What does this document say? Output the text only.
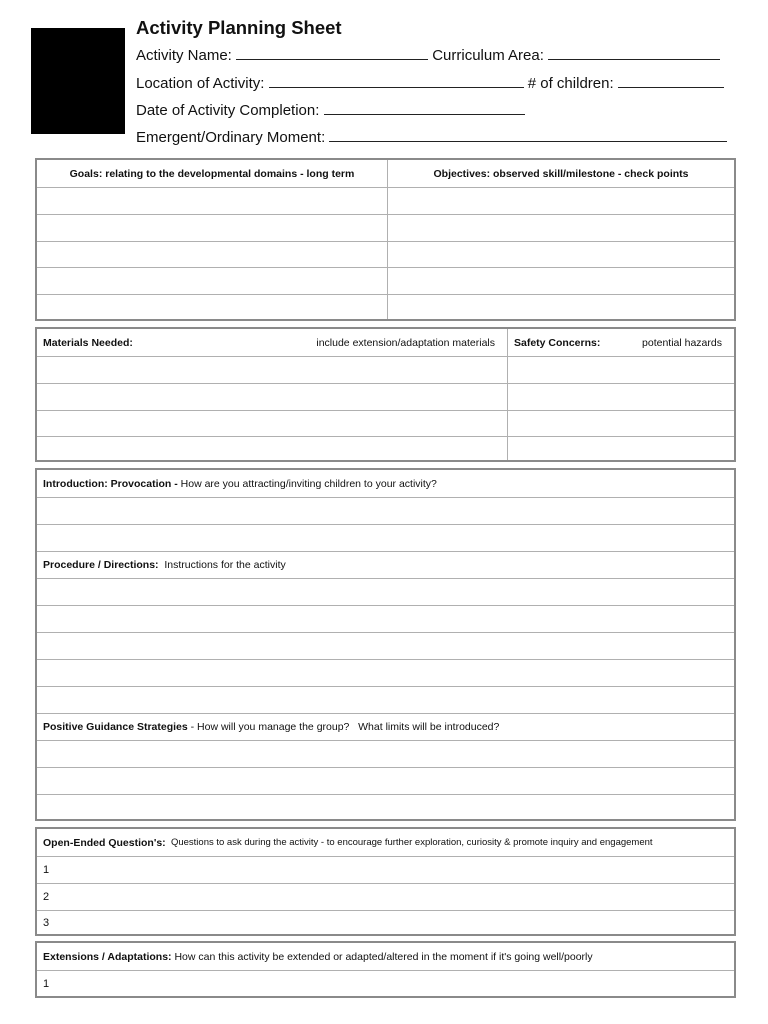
Activity Planning Sheet
Activity Name:	Curriculum Area:
Location of Activity:	# of children:
Date of Activity Completion:
Emergent/Ordinary Moment:
Goals: relating to the developmental domains - long term	Objectives: observed skill/milestone - check points
Materials Needed:	include extension/adaptation materials Safety Concerns:	potential hazards
Introduction: Provocation - How are you attracting/inviting children to your activity?
Procedure / Directions: Instructions for the activity
Positive Guidance Strategies - How will you manage the group?   What limits will be introduced?
Open-Ended Question's: Questions to ask during the activity - to encourage further exploration, curiosity & promote inquiry and engagement
1
2
3
Extensions / Adaptations: How can this activity be extended or adapted/altered in the moment if it's going well/poorly
1
